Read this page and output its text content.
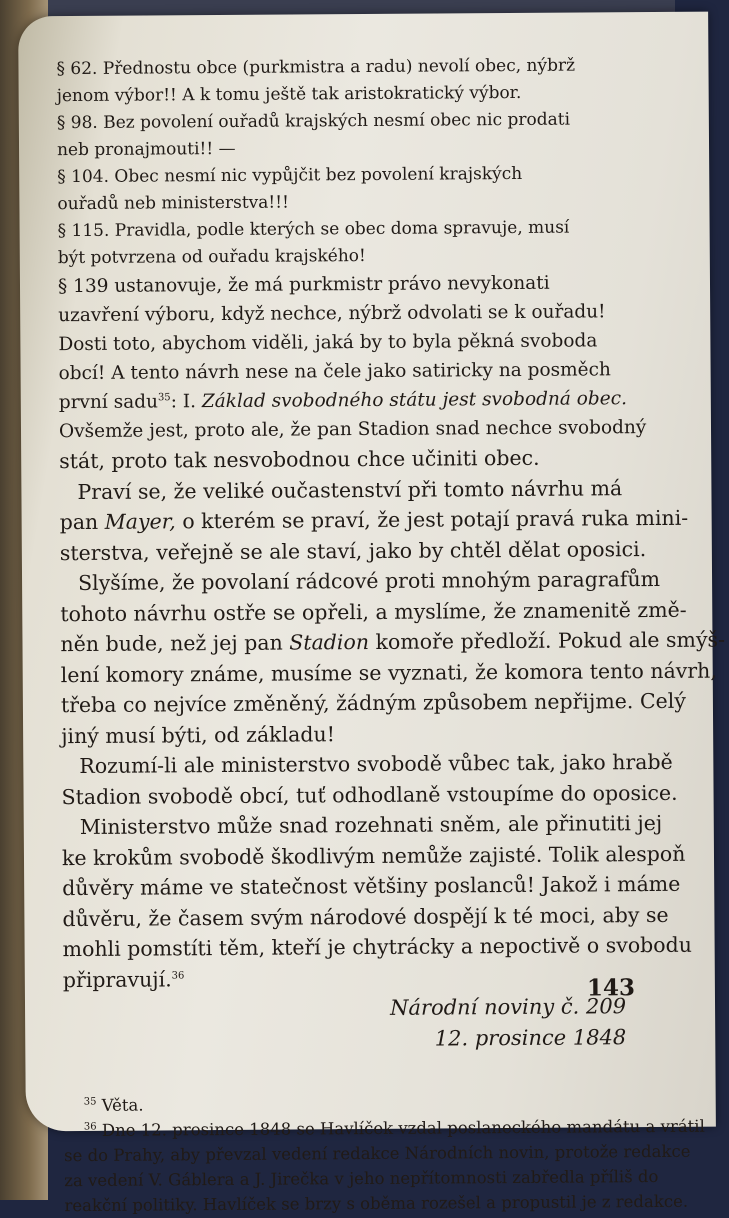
§ 62. Přednostu obce (purkmistra a radu) nevolí obec, nýbrž
jenom výbor!! A k tomu ještě tak aristokratický výbor.
§ 98. Bez povolení ouřadů krajských nesmí obec nic prodati
neb pronajmouti!! —
§ 104. Obec nesmí nic vypůjčit bez povolení krajských
ouřadů neb ministerstva!!!
§ 115. Pravidla, podle kterých se obec doma spravuje, musí
být potvrzena od ouřadu krajského!
§ 139 ustanovuje, že má purkmistr právo nevykonati
uzavření výboru, když nechce, nýbrž odvolati se k ouřadu!
Dosti toto, abychom viděli, jaká by to byla pěkná svoboda
obcí! A tento návrh nese na čele jako satiricky na posměch
první sadu$^{35}$: I. Základ svobodného státu jest svobodná obec.
Ovšemže jest, proto ale, že pan Stadion snad nechce svobodný
stát, proto tak nesvobodnou chce učiniti obec.
Praví se, že veliké oučastenství při tomto návrhu má
pan Mayer, o kterém se praví, že jest potají pravá ruka mini-
sterstva, veřejně se ale staví, jako by chtěl dělat oposici.
Slyšíme, že povolaní rádcové proti mnohým paragrafům
tohoto návrhu ostře se opřeli, a myslíme, že znamenitě změ-
něn bude, než jej pan Stadion komoře předloží. Pokud ale smýš-
lení komory známe, musíme se vyznati, že komora tento návrh,
třeba co nejvíce změněný, žádným způsobem nepřijme. Celý
jiný musí býti, od základu!
Rozumí-li ale ministerstvo svobodě vůbec tak, jako hrabě
Stadion svobodě obcí, tuť odhodlaně vstoupíme do oposice.
Ministerstvo může snad rozehnati sněm, ale přinutiti jej
ke krokům svobodě škodlivým nemůže zajisté. Tolik alespoň
důvěry máme ve statečnost většiny poslanců! Jakož i máme
důvěru, že časem svým národové dospějí k té moci, aby se
mohli pomstíti těm, kteří je chytrácky a nepoctivě o svobodu
připravují.$^{36}$
Národní noviny č. 209
12. prosince 1848
$^{35}$ Věta.
$^{36}$ Dne 12. prosince 1848 se Havlíček vzdal poslaneckého mandátu a vrátil
se do Prahy, aby převzal vedení redakce Národních novin, protože redakce
za vedení V. Gáblera a J. Jirečka v jeho nepřítomnosti zabředla příliš do
reakční politiky. Havlíček se brzy s oběma rozešel a propustil je z redakce.
143
